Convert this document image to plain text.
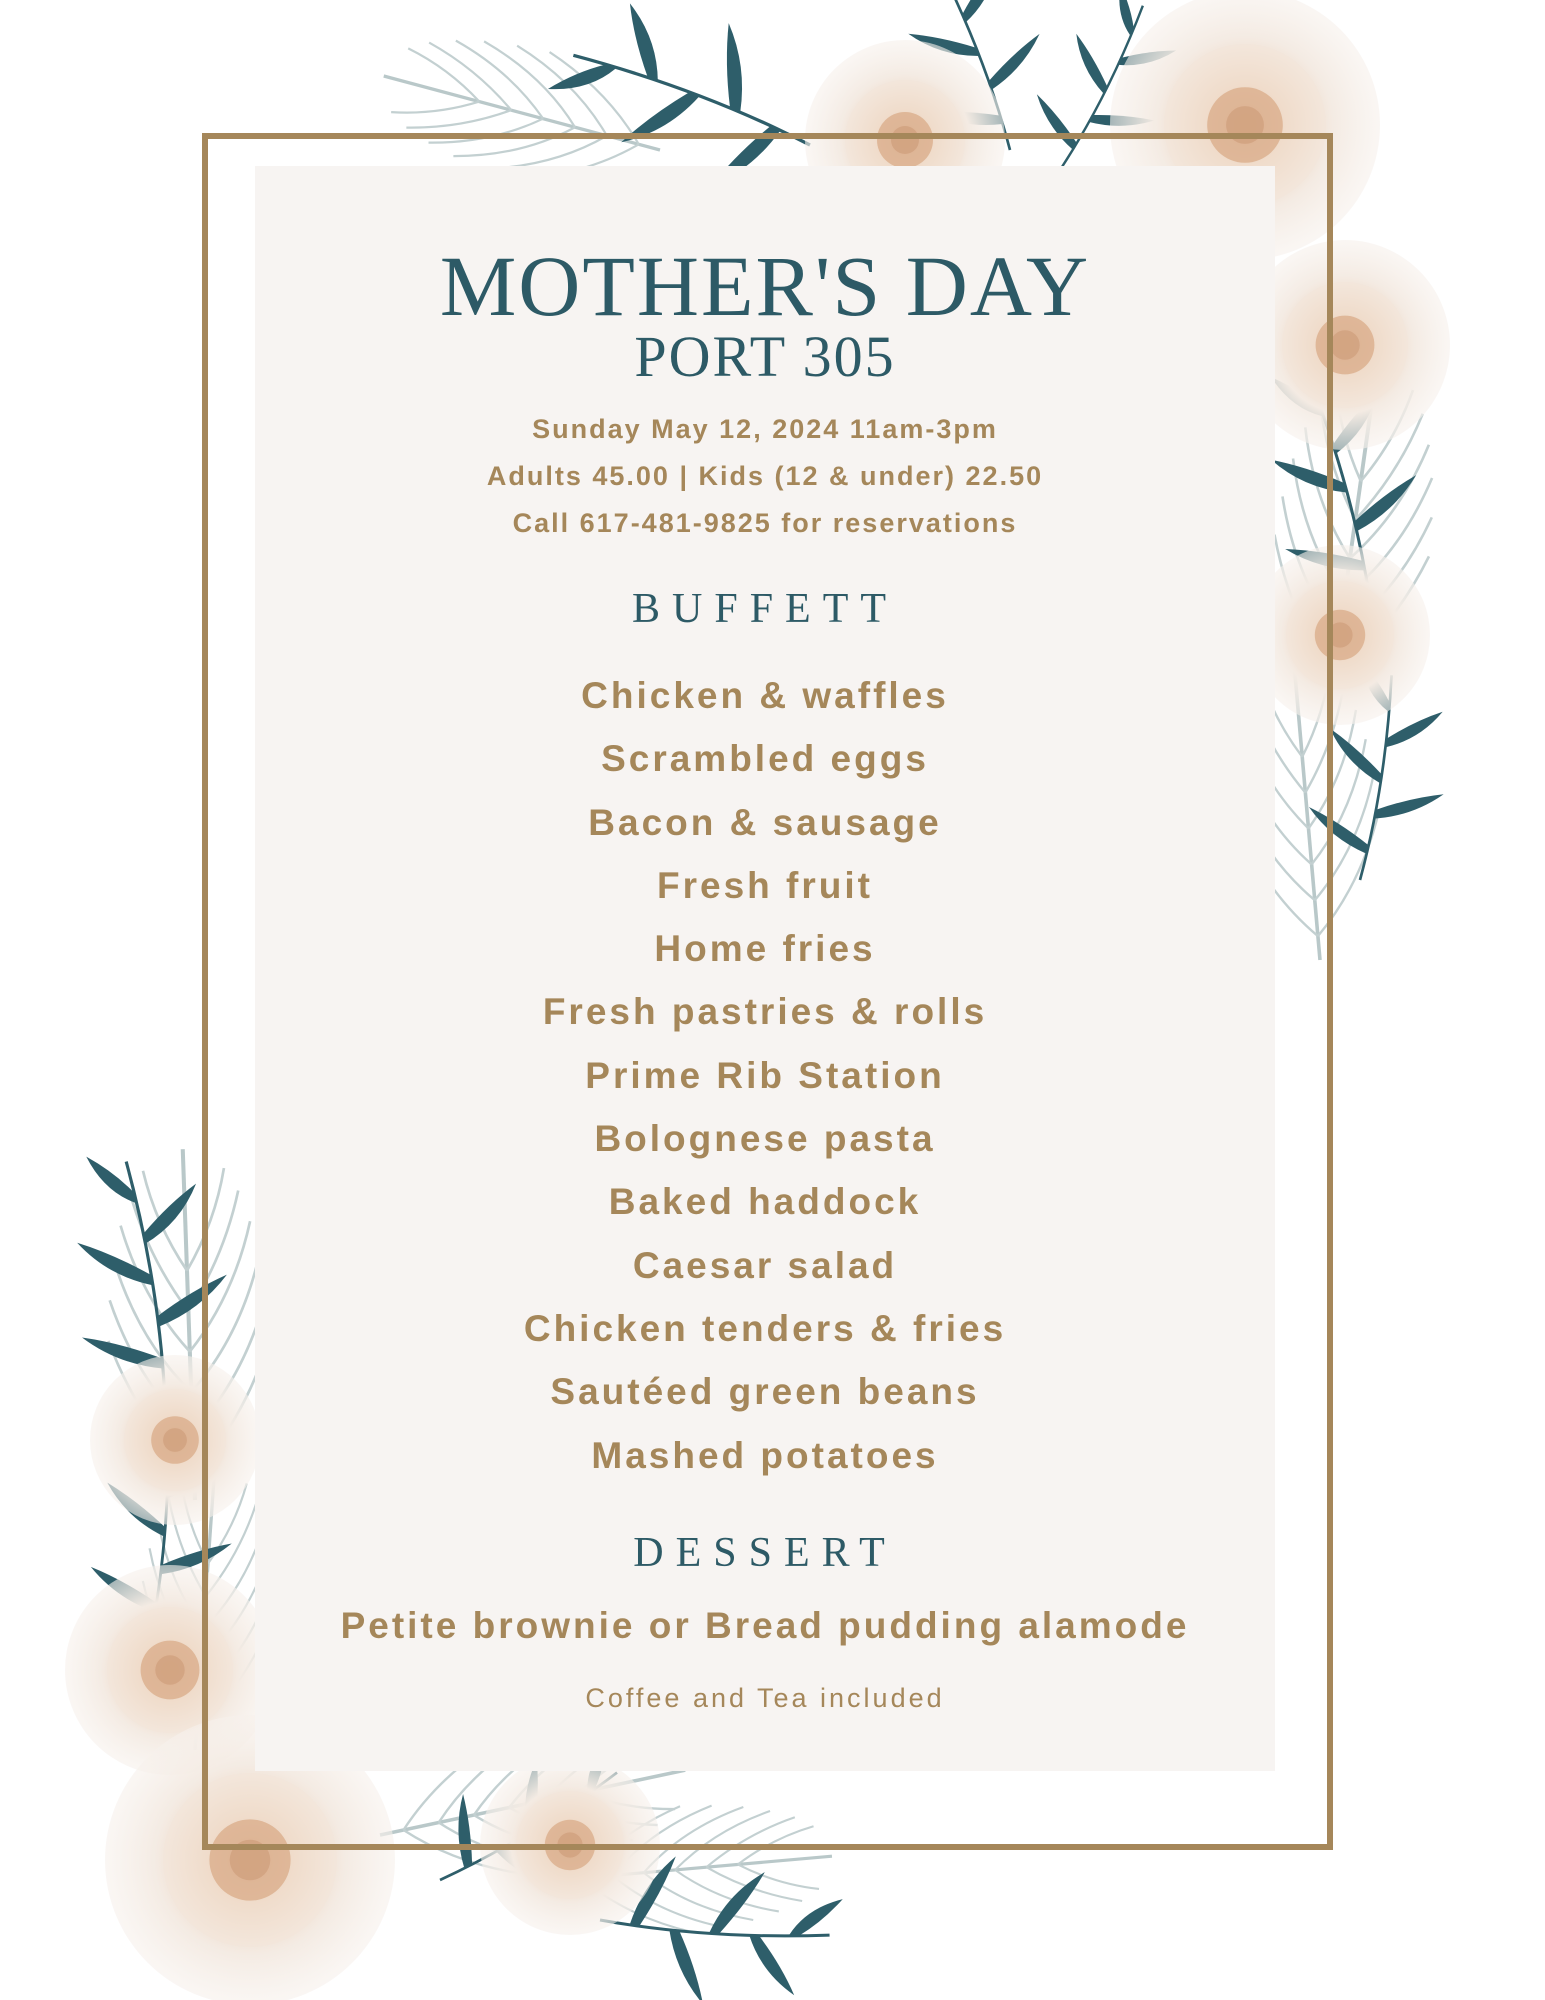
MOTHER'S DAY
PORT 305
Sunday May 12, 2024 11am-3pm
Adults 45.00 | Kids (12 & under) 22.50
Call 617-481-9825 for reservations
BUFFETT
Chicken & waffles
Scrambled eggs
Bacon & sausage
Fresh fruit
Home fries
Fresh pastries & rolls
Prime Rib Station
Bolognese pasta
Baked haddock
Caesar salad
Chicken tenders & fries
Sautéed green beans
Mashed potatoes
DESSERT
Petite brownie or Bread pudding alamode
Coffee and Tea included
